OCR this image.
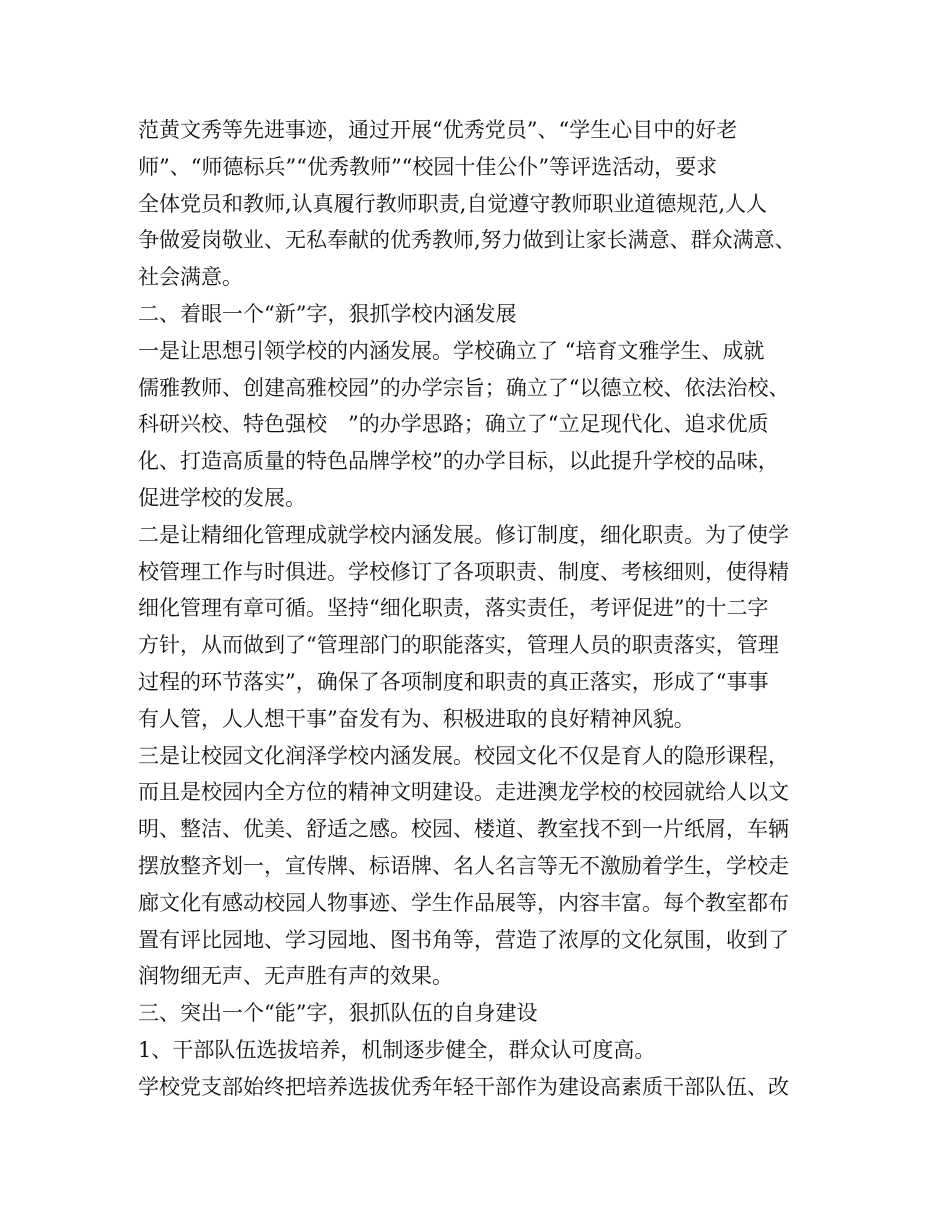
范黄文秀等先进事迹，通过开展“优秀党员”、“学生心目中的好老
师”、“师德标兵”“优秀教师”“校园十佳公仆”等评选活动，要求
全体党员和教师,认真履行教师职责,自觉遵守教师职业道德规范,人人
争做爱岗敬业、无私奉献的优秀教师,努力做到让家长满意、群众满意、
社会满意。
二、着眼一个“新”字，狠抓学校内涵发展
一是让思想引领学校的内涵发展。学校确立了 “培育文雅学生、成就
儒雅教师、创建高雅校园”的办学宗旨；确立了“以德立校、依法治校、
科研兴校、特色强校　”的办学思路；确立了“立足现代化、追求优质
化、打造高质量的特色品牌学校”的办学目标，以此提升学校的品味，
促进学校的发展。
二是让精细化管理成就学校内涵发展。修订制度，细化职责。为了使学
校管理工作与时俱进。学校修订了各项职责、制度、考核细则，使得精
细化管理有章可循。坚持“细化职责，落实责任，考评促进”的十二字
方针，从而做到了“管理部门的职能落实，管理人员的职责落实，管理
过程的环节落实”，确保了各项制度和职责的真正落实，形成了“事事
有人管，人人想干事”奋发有为、积极进取的良好精神风貌。
三是让校园文化润泽学校内涵发展。校园文化不仅是育人的隐形课程，
而且是校园内全方位的精神文明建设。走进澳龙学校的校园就给人以文
明、整洁、优美、舒适之感。校园、楼道、教室找不到一片纸屑，车辆
摆放整齐划一，宣传牌、标语牌、名人名言等无不激励着学生，学校走
廊文化有感动校园人物事迹、学生作品展等，内容丰富。每个教室都布
置有评比园地、学习园地、图书角等，营造了浓厚的文化氛围，收到了
润物细无声、无声胜有声的效果。
三、突出一个“能”字，狠抓队伍的自身建设
1、干部队伍选拔培养，机制逐步健全，群众认可度高。
学校党支部始终把培养选拔优秀年轻干部作为建设高素质干部队伍、改
